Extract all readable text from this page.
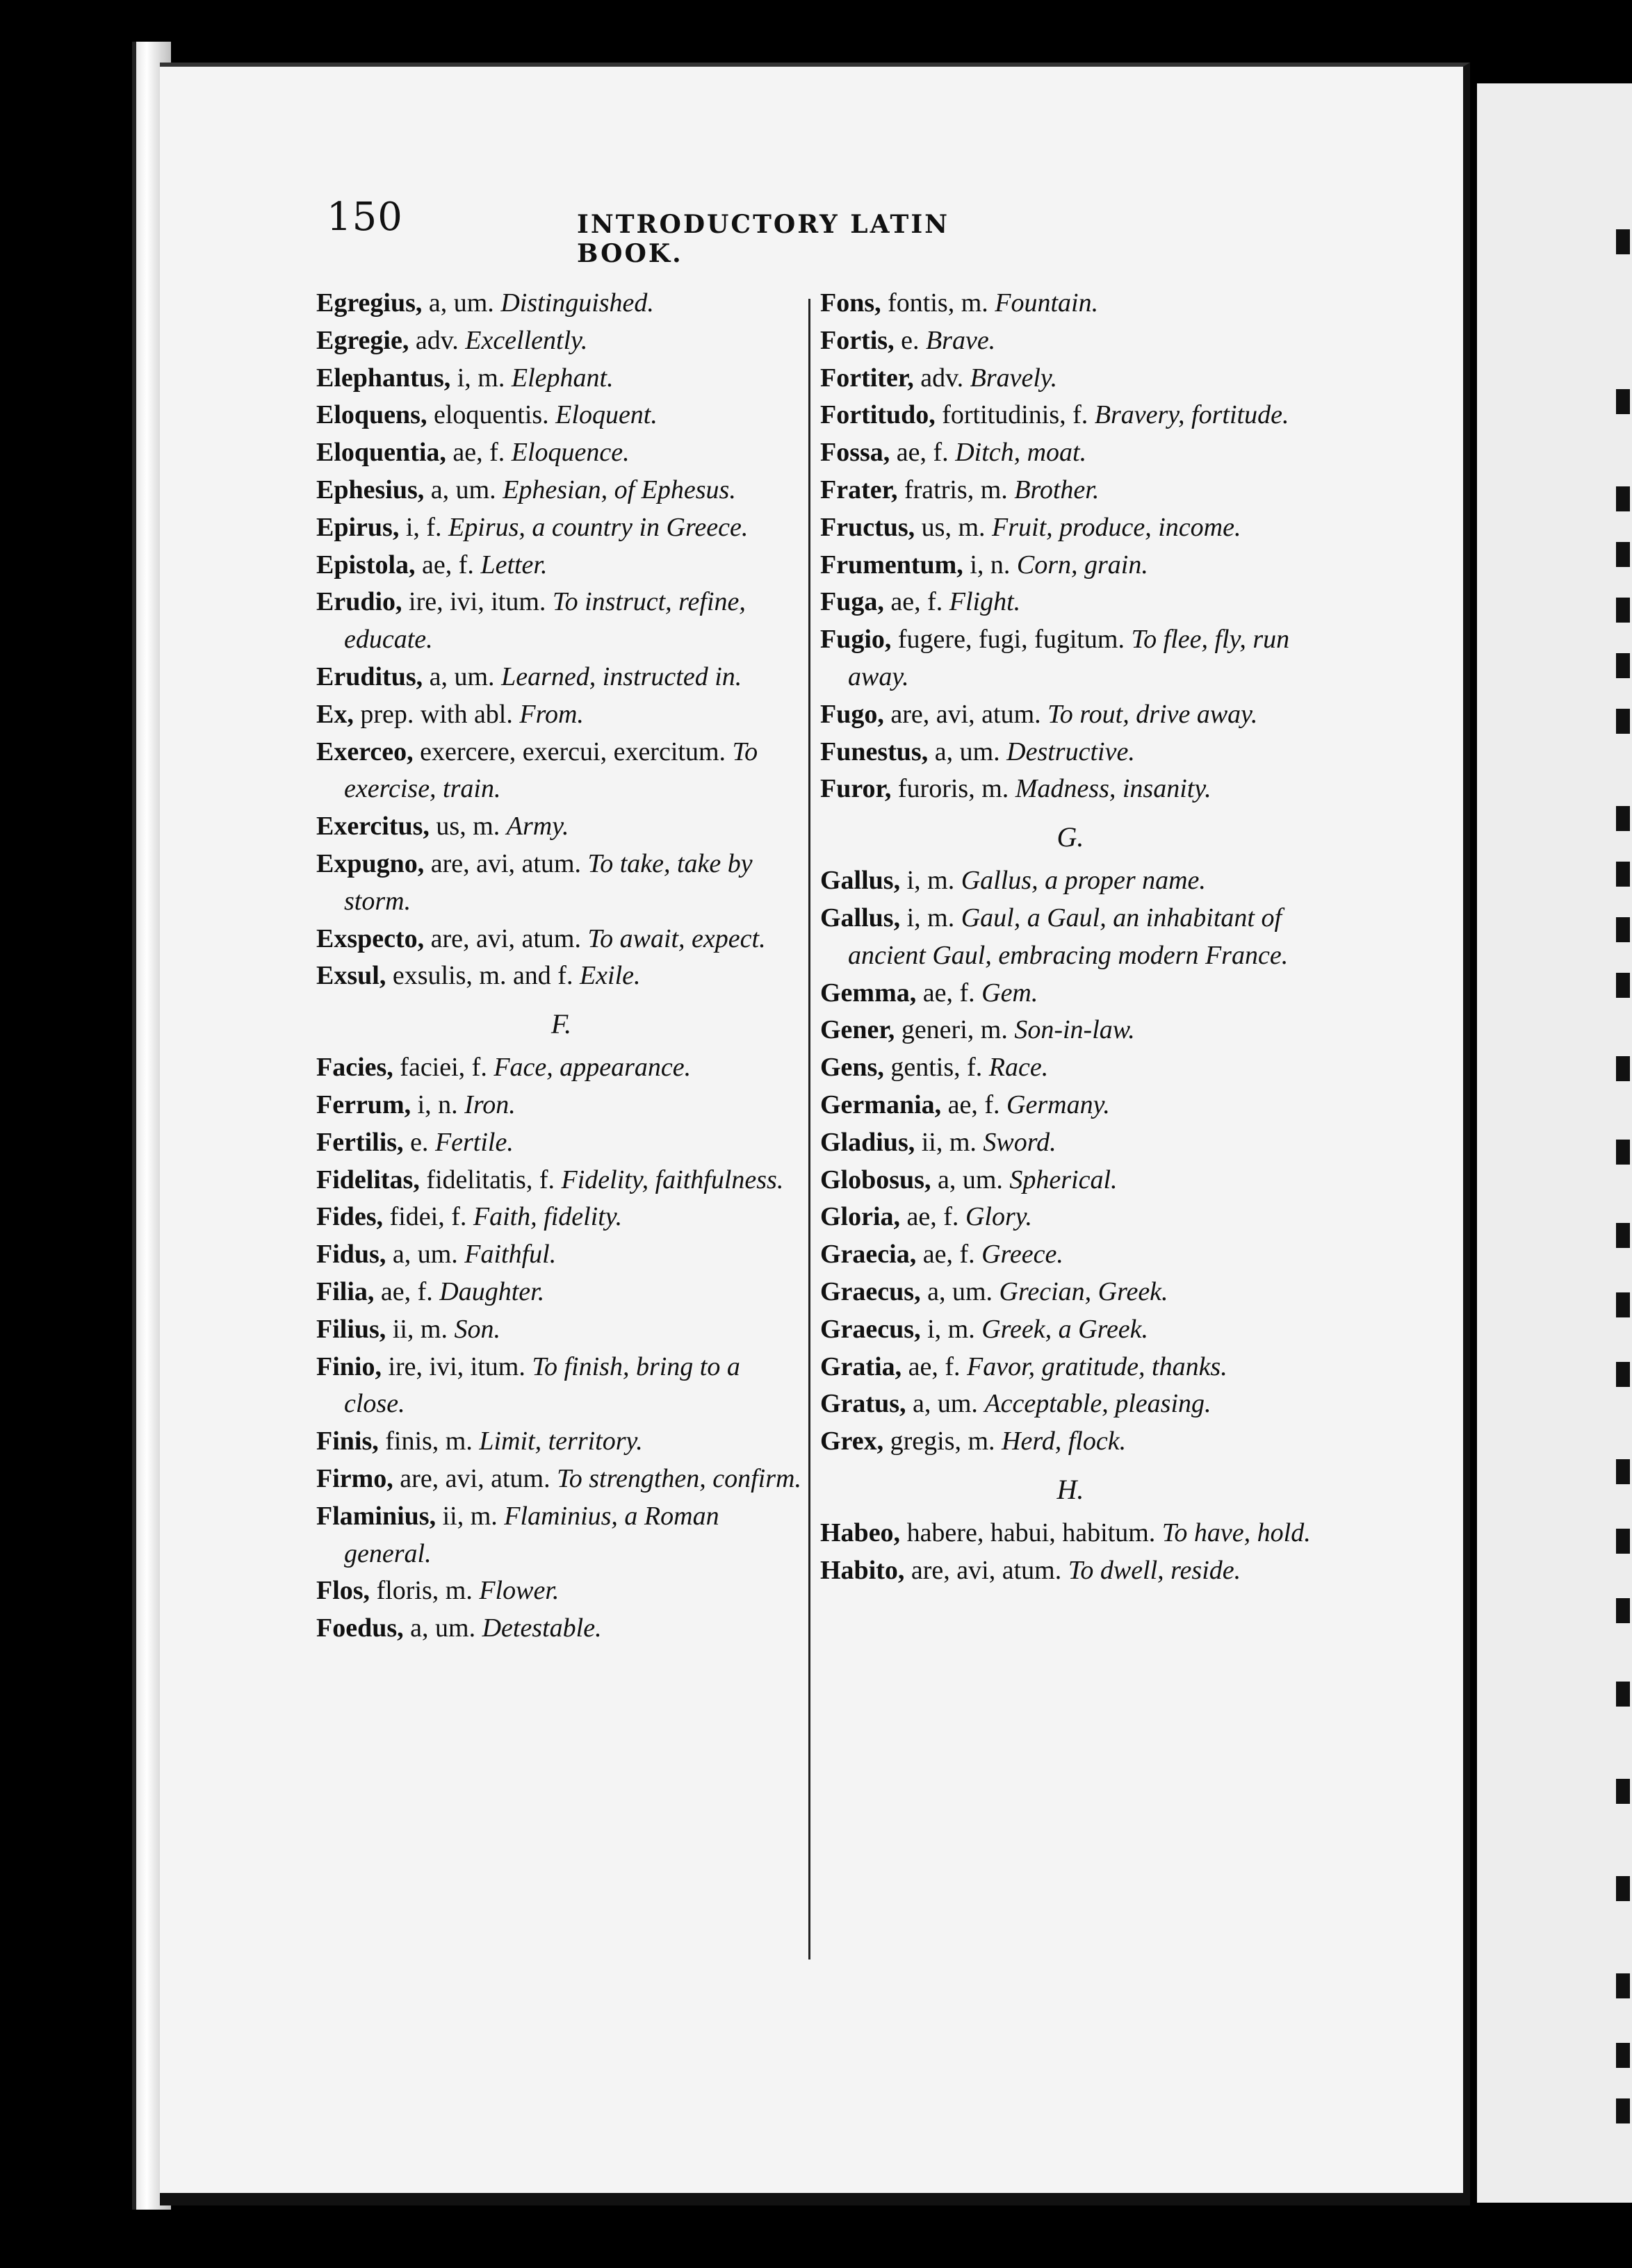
150	INTRODUCTORY LATIN BOOK.
Egregius, a, um. Distinguished.
Egregie, adv. Excellently.
Elephantus, i, m. Elephant.
Eloquens, eloquentis. Eloquent.
Eloquentia, ae, f. Eloquence.
Ephesius, a, um. Ephesian, of Ephesus.
Epirus, i, f. Epirus, a country in Greece.
Epistola, ae, f. Letter.
Erudio, ire, ivi, itum. To instruct, refine, educate.
Eruditus, a, um. Learned, instructed in.
Ex, prep. with abl. From.
Exerceo, exercere, exercui, exercitum. To exercise, train.
Exercitus, us, m. Army.
Expugno, are, avi, atum. To take, take by storm.
Exspecto, are, avi, atum. To await, expect.
Exsul, exsulis, m. and f. Exile.
F.
Facies, faciei, f. Face, appearance.
Ferrum, i, n. Iron.
Fertilis, e. Fertile.
Fidelitas, fidelitatis, f. Fidelity, faithfulness.
Fides, fidei, f. Faith, fidelity.
Fidus, a, um. Faithful.
Filia, ae, f. Daughter.
Filius, ii, m. Son.
Finio, ire, ivi, itum. To finish, bring to a close.
Finis, finis, m. Limit, territory.
Firmo, are, avi, atum. To strengthen, confirm.
Flaminius, ii, m. Flaminius, a Roman general.
Flos, floris, m. Flower.
Foedus, a, um. Detestable.
Fons, fontis, m. Fountain.
Fortis, e. Brave.
Fortiter, adv. Bravely.
Fortitudo, fortitudinis, f. Bravery, fortitude.
Fossa, ae, f. Ditch, moat.
Frater, fratris, m. Brother.
Fructus, us, m. Fruit, produce, income.
Frumentum, i, n. Corn, grain.
Fuga, ae, f. Flight.
Fugio, fugere, fugi, fugitum. To flee, fly, run away.
Fugo, are, avi, atum. To rout, drive away.
Funestus, a, um. Destructive.
Furor, furoris, m. Madness, insanity.
G.
Gallus, i, m. Gallus, a proper name.
Gallus, i, m. Gaul, a Gaul, an inhabitant of ancient Gaul, embracing modern France.
Gemma, ae, f. Gem.
Gener, generi, m. Son-in-law.
Gens, gentis, f. Race.
Germania, ae, f. Germany.
Gladius, ii, m. Sword.
Globosus, a, um. Spherical.
Gloria, ae, f. Glory.
Graecia, ae, f. Greece.
Graecus, a, um. Grecian, Greek.
Graecus, i, m. Greek, a Greek.
Gratia, ae, f. Favor, gratitude, thanks.
Gratus, a, um. Acceptable, pleasing.
Grex, gregis, m. Herd, flock.
H.
Habeo, habere, habui, habitum. To have, hold.
Habito, are, avi, atum. To dwell, reside.
